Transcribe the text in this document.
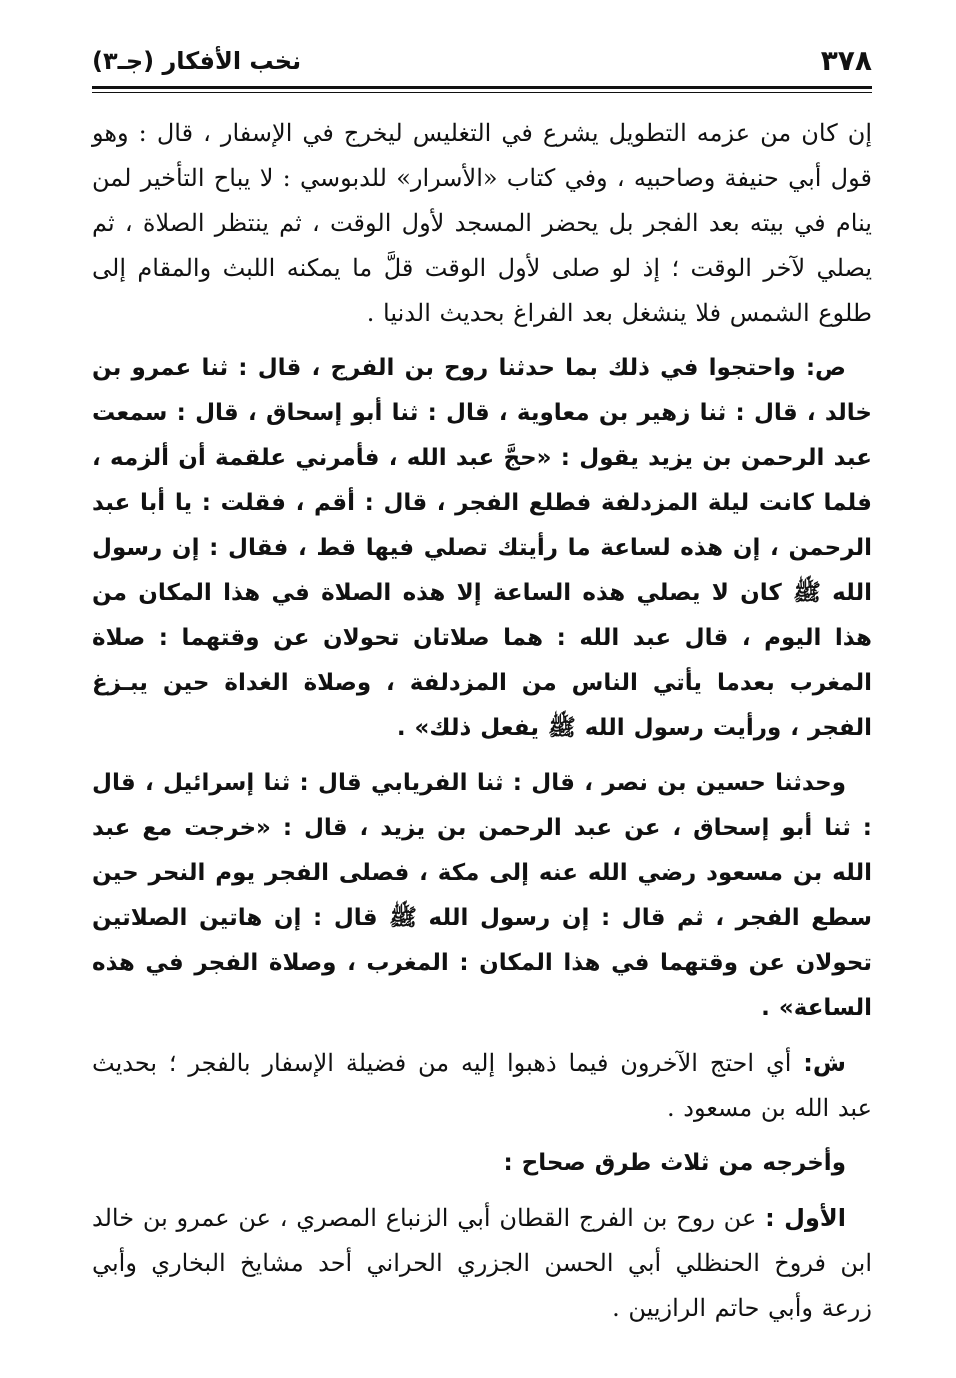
٣٧٨
نخب الأفكار (جـ٣)

إن كان من عزمه التطويل يشرع في التغليس ليخرج في الإسفار ، قال : وهو قول أبي حنيفة وصاحبيه ، وفي كتاب «الأسرار» للدبوسي : لا يباح التأخير لمن ينام في بيته بعد الفجر بل يحضر المسجد لأول الوقت ، ثم ينتظر الصلاة ، ثم يصلي لآخر الوقت ؛ إذ لو صلى لأول الوقت قلَّ ما يمكنه اللبث والمقام إلى طلوع الشمس فلا ينشغل بعد الفراغ بحديث الدنيا .

ص: واحتجوا في ذلك بما حدثنا روح بن الفرج ، قال : ثنا عمرو بن خالد ، قال : ثنا زهير بن معاوية ، قال : ثنا أبو إسحاق ، قال : سمعت عبد الرحمن بن يزيد يقول : «حجَّ عبد الله ، فأمرني علقمة أن ألزمه ، فلما كانت ليلة المزدلفة فطلع الفجر ، قال : أقم ، فقلت : يا أبا عبد الرحمن ، إن هذه لساعة ما رأيتك تصلي فيها قط ، فقال : إن رسول الله ﷺ كان لا يصلي هذه الساعة إلا هذه الصلاة في هذا المكان من هذا اليوم ، قال عبد الله : هما صلاتان تحولان عن وقتهما : صلاة المغرب بعدما يأتي الناس من المزدلفة ، وصلاة الغداة حين يبـزغ الفجر ، ورأيت رسول الله ﷺ يفعل ذلك» .

وحدثنا حسين بن نصر ، قال : ثنا الفريابي قال : ثنا إسرائيل ، قال : ثنا أبو إسحاق ، عن عبد الرحمن بن يزيد ، قال : «خرجت مع عبد الله بن مسعود رضي الله عنه إلى مكة ، فصلى الفجر يوم النحر حين سطع الفجر ، ثم قال : إن رسول الله ﷺ قال : إن هاتين الصلاتين تحولان عن وقتهما في هذا المكان : المغرب ، وصلاة الفجر في هذه الساعة» .

ش: أي احتج الآخرون فيما ذهبوا إليه من فضيلة الإسفار بالفجر ؛ بحديث عبد الله بن مسعود .

وأخرجه من ثلاث طرق صحاح :

الأول : عن روح بن الفرج القطان أبي الزنباع المصري ، عن عمرو بن خالد ابن فروخ الحنظلي أبي الحسن الجزري الحراني أحد مشايخ البخاري وأبي زرعة وأبي حاتم الرازيين .
